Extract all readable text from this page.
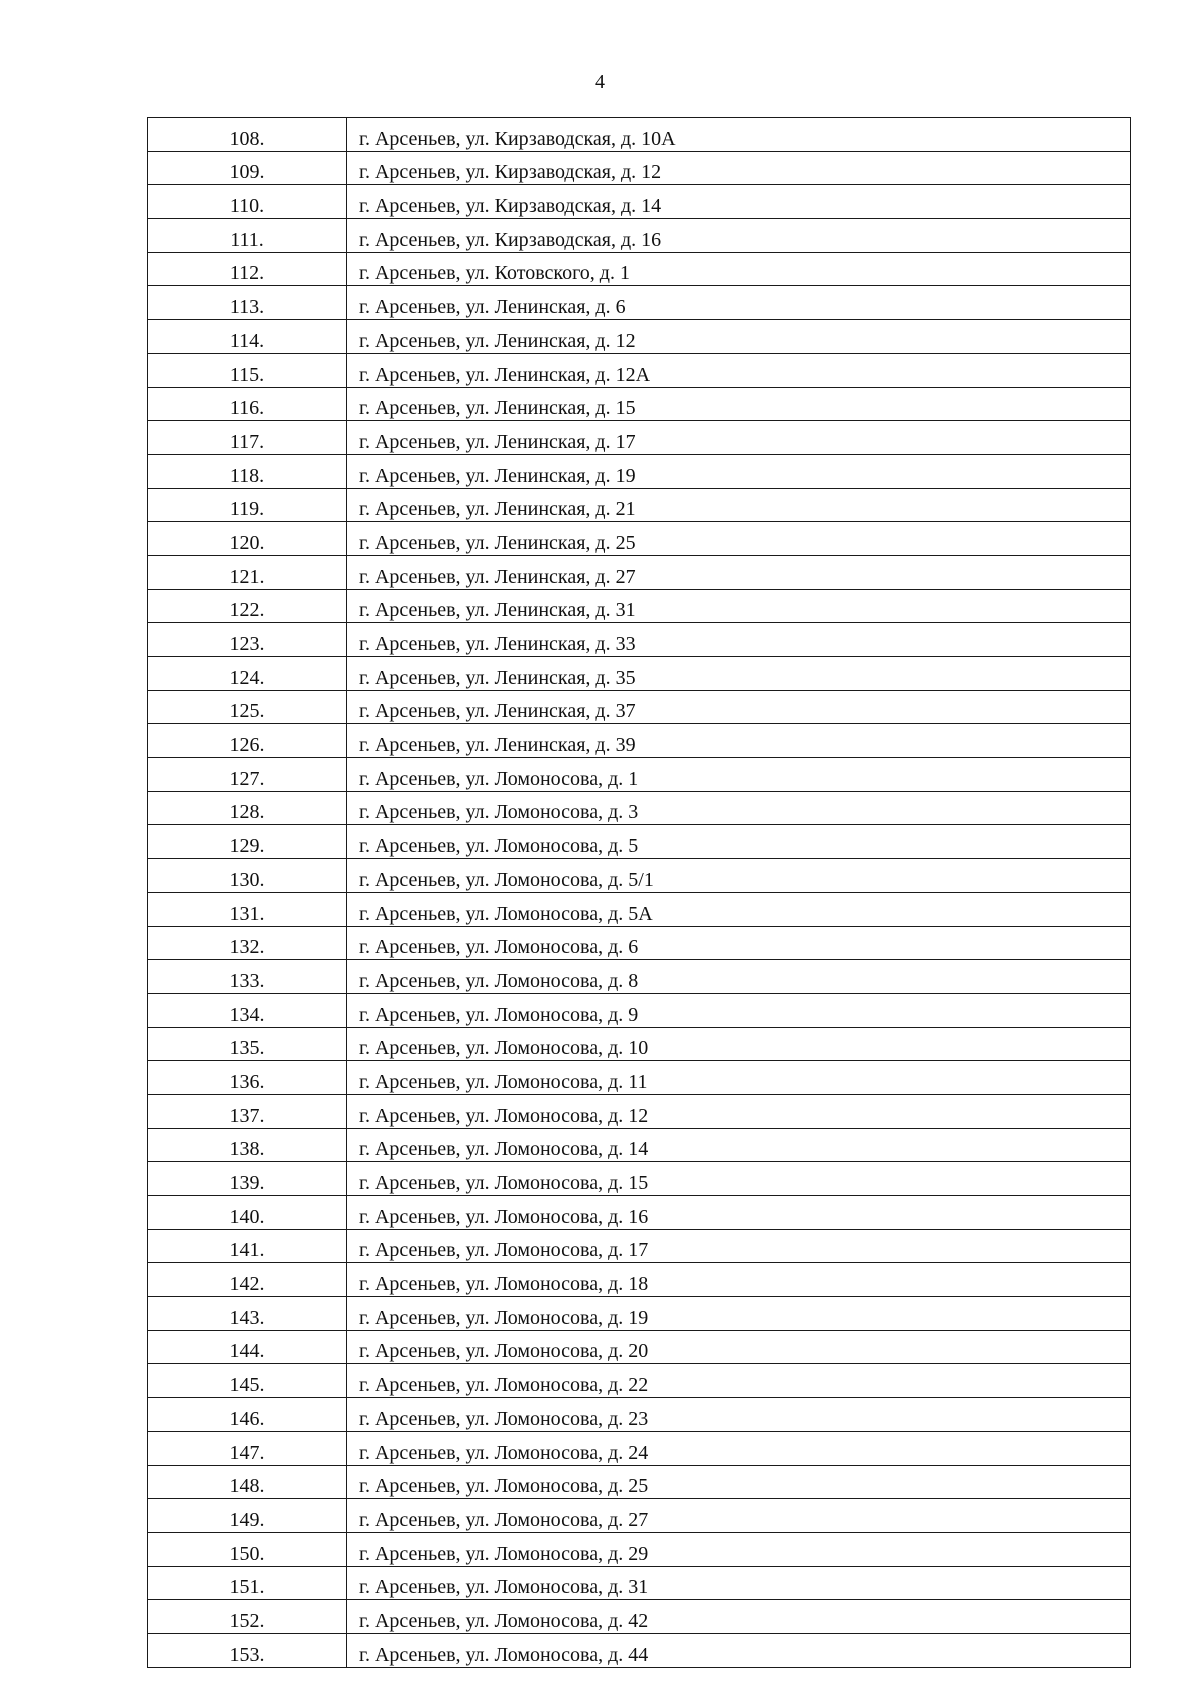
4
108.	г. Арсеньев, ул. Кирзаводская, д. 10А
109.	г. Арсеньев, ул. Кирзаводская, д. 12
110.	г. Арсеньев, ул. Кирзаводская, д. 14
111.	г. Арсеньев, ул. Кирзаводская, д. 16
112.	г. Арсеньев, ул. Котовского, д. 1
113.	г. Арсеньев, ул. Ленинская, д. 6
114.	г. Арсеньев, ул. Ленинская, д. 12
115.	г. Арсеньев, ул. Ленинская, д. 12А
116.	г. Арсеньев, ул. Ленинская, д. 15
117.	г. Арсеньев, ул. Ленинская, д. 17
118.	г. Арсеньев, ул. Ленинская, д. 19
119.	г. Арсеньев, ул. Ленинская, д. 21
120.	г. Арсеньев, ул. Ленинская, д. 25
121.	г. Арсеньев, ул. Ленинская, д. 27
122.	г. Арсеньев, ул. Ленинская, д. 31
123.	г. Арсеньев, ул. Ленинская, д. 33
124.	г. Арсеньев, ул. Ленинская, д. 35
125.	г. Арсеньев, ул. Ленинская, д. 37
126.	г. Арсеньев, ул. Ленинская, д. 39
127.	г. Арсеньев, ул. Ломоносова, д. 1
128.	г. Арсеньев, ул. Ломоносова, д. 3
129.	г. Арсеньев, ул. Ломоносова, д. 5
130.	г. Арсеньев, ул. Ломоносова, д. 5/1
131.	г. Арсеньев, ул. Ломоносова, д. 5А
132.	г. Арсеньев, ул. Ломоносова, д. 6
133.	г. Арсеньев, ул. Ломоносова, д. 8
134.	г. Арсеньев, ул. Ломоносова, д. 9
135.	г. Арсеньев, ул. Ломоносова, д. 10
136.	г. Арсеньев, ул. Ломоносова, д. 11
137.	г. Арсеньев, ул. Ломоносова, д. 12
138.	г. Арсеньев, ул. Ломоносова, д. 14
139.	г. Арсеньев, ул. Ломоносова, д. 15
140.	г. Арсеньев, ул. Ломоносова, д. 16
141.	г. Арсеньев, ул. Ломоносова, д. 17
142.	г. Арсеньев, ул. Ломоносова, д. 18
143.	г. Арсеньев, ул. Ломоносова, д. 19
144.	г. Арсеньев, ул. Ломоносова, д. 20
145.	г. Арсеньев, ул. Ломоносова, д. 22
146.	г. Арсеньев, ул. Ломоносова, д. 23
147.	г. Арсеньев, ул. Ломоносова, д. 24
148.	г. Арсеньев, ул. Ломоносова, д. 25
149.	г. Арсеньев, ул. Ломоносова, д. 27
150.	г. Арсеньев, ул. Ломоносова, д. 29
151.	г. Арсеньев, ул. Ломоносова, д. 31
152.	г. Арсеньев, ул. Ломоносова, д. 42
153.	г. Арсеньев, ул. Ломоносова, д. 44
